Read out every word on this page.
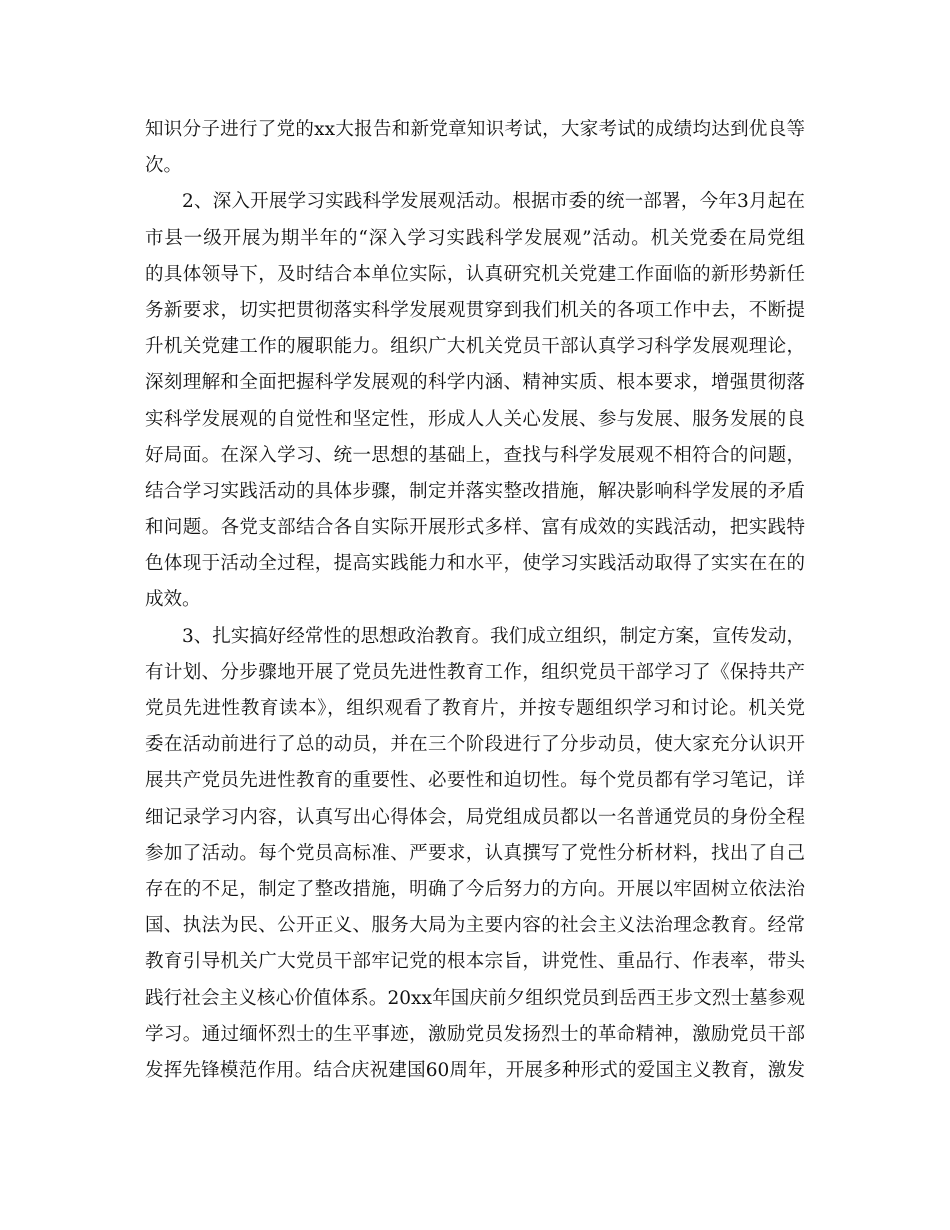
知识分子进行了党的xx大报告和新党章知识考试，大家考试的成绩均达到优良等
次。
2、深入开展学习实践科学发展观活动。根据市委的统一部署，今年3月起在
市县一级开展为期半年的“深入学习实践科学发展观”活动。机关党委在局党组
的具体领导下，及时结合本单位实际，认真研究机关党建工作面临的新形势新任
务新要求，切实把贯彻落实科学发展观贯穿到我们机关的各项工作中去，不断提
升机关党建工作的履职能力。组织广大机关党员干部认真学习科学发展观理论，
深刻理解和全面把握科学发展观的科学内涵、精神实质、根本要求，增强贯彻落
实科学发展观的自觉性和坚定性，形成人人关心发展、参与发展、服务发展的良
好局面。在深入学习、统一思想的基础上，查找与科学发展观不相符合的问题，
结合学习实践活动的具体步骤，制定并落实整改措施，解决影响科学发展的矛盾
和问题。各党支部结合各自实际开展形式多样、富有成效的实践活动，把实践特
色体现于活动全过程，提高实践能力和水平，使学习实践活动取得了实实在在的
成效。
3、扎实搞好经常性的思想政治教育。我们成立组织，制定方案，宣传发动，
有计划、分步骤地开展了党员先进性教育工作，组织党员干部学习了《保持共产
党员先进性教育读本》，组织观看了教育片，并按专题组织学习和讨论。机关党
委在活动前进行了总的动员，并在三个阶段进行了分步动员，使大家充分认识开
展共产党员先进性教育的重要性、必要性和迫切性。每个党员都有学习笔记，详
细记录学习内容，认真写出心得体会，局党组成员都以一名普通党员的身份全程
参加了活动。每个党员高标准、严要求，认真撰写了党性分析材料，找出了自己
存在的不足，制定了整改措施，明确了今后努力的方向。开展以牢固树立依法治
国、执法为民、公开正义、服务大局为主要内容的社会主义法治理念教育。经常
教育引导机关广大党员干部牢记党的根本宗旨，讲党性、重品行、作表率，带头
践行社会主义核心价值体系。20xx年国庆前夕组织党员到岳西王步文烈士墓参观
学习。通过缅怀烈士的生平事迹，激励党员发扬烈士的革命精神，激励党员干部
发挥先锋模范作用。结合庆祝建国60周年，开展多种形式的爱国主义教育，激发
